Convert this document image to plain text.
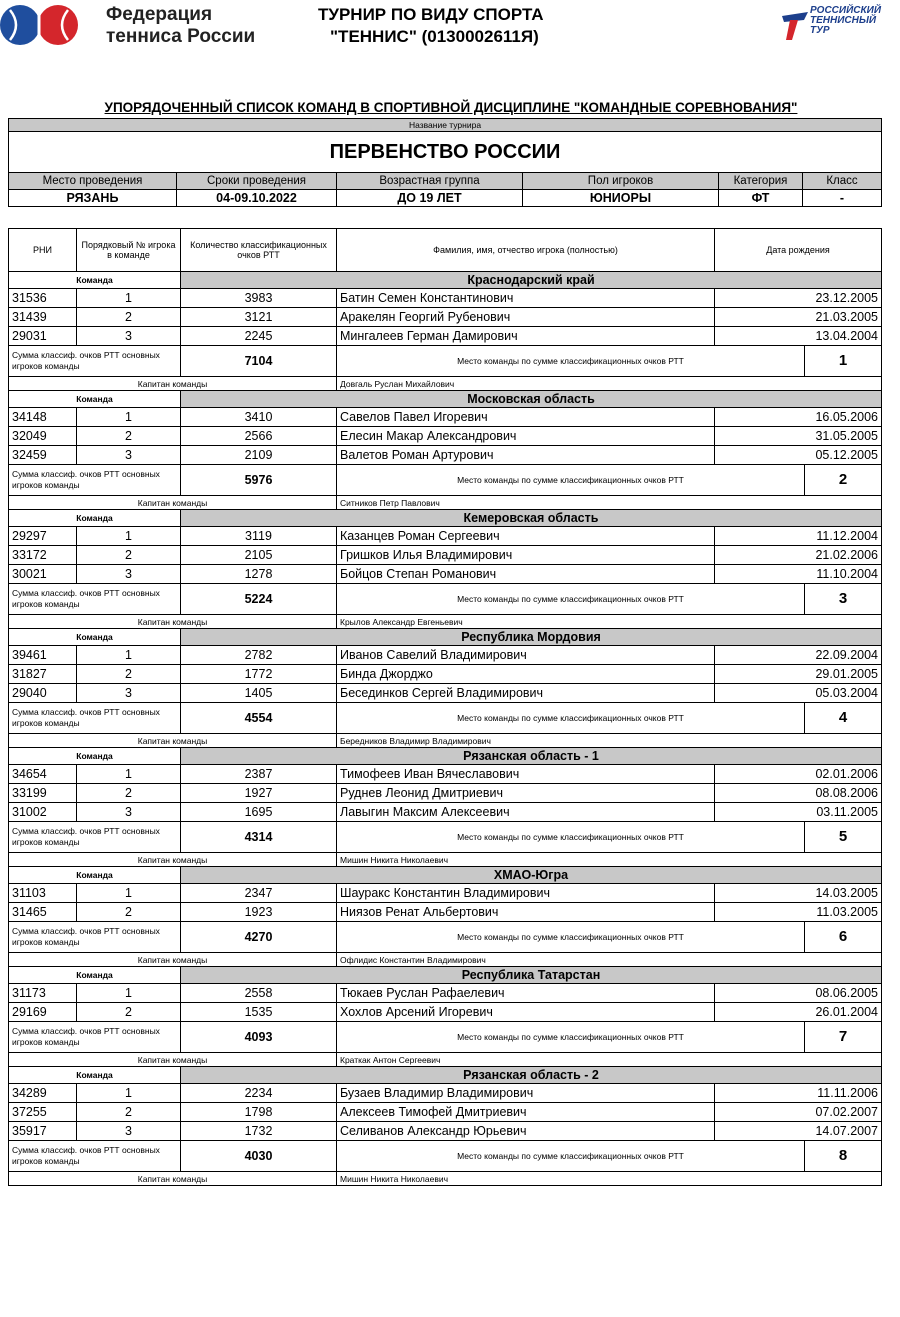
Федерация
тенниса России
ТУРНИР ПО ВИДУ СПОРТА
"ТЕННИС" (0130002611Я)
РОССИЙСКИЙ
ТЕННИСНЫЙ
ТУР
УПОРЯДОЧЕННЫЙ СПИСОК КОМАНД В СПОРТИВНОЙ ДИСЦИПЛИНЕ "КОМАНДНЫЕ СОРЕВНОВАНИЯ"
Название турнира					
ПЕРВЕНСТВО РОССИИ					
Место проведения	Сроки проведения	Возрастная группа	Пол игроков	Категория	Класс
РЯЗАНЬ	04-09.10.2022	ДО 19 ЛЕТ	ЮНИОРЫ	ФТ	-
РНИ	Порядковый № игрока в команде	Количество классификационных очков РТТ	Фамилия, имя, отчество игрока (полностью)	Дата рождения	
Команда		Краснодарский край			
31536	1	3983	Батин Семен Константинович	23.12.2005	
31439	2	3121	Аракелян Георгий Рубенович	21.03.2005	
29031	3	2245	Мингалеев Герман Дамирович	13.04.2004	
Сумма классиф. очков РТТ основных игроков команды		7104	Место команды по сумме классификационных очков РТТ		1
Капитан команды			Довгаль Руслан Михайлович		
Команда		Московская область			
34148	1	3410	Савелов Павел Игоревич	16.05.2006	
32049	2	2566	Елесин Макар Александрович	31.05.2005	
32459	3	2109	Валетов Роман Артурович	05.12.2005	
Сумма классиф. очков РТТ основных игроков команды		5976	Место команды по сумме классификационных очков РТТ		2
Капитан команды			Ситников Петр Павлович		
Команда		Кемеровская область			
29297	1	3119	Казанцев Роман Сергеевич	11.12.2004	
33172	2	2105	Гришков Илья Владимирович	21.02.2006	
30021	3	1278	Бойцов Степан Романович	11.10.2004	
Сумма классиф. очков РТТ основных игроков команды		5224	Место команды по сумме классификационных очков РТТ		3
Капитан команды			Крылов Александр Евгеньевич		
Команда		Республика Мордовия			
39461	1	2782	Иванов Савелий Владимирович	22.09.2004	
31827	2	1772	Бинда Джорджо	29.01.2005	
29040	3	1405	Бесединков Сергей Владимирович	05.03.2004	
Сумма классиф. очков РТТ основных игроков команды		4554	Место команды по сумме классификационных очков РТТ		4
Капитан команды			Бередников Владимир Владимирович		
Команда		Рязанская область - 1			
34654	1	2387	Тимофеев Иван Вячеславович	02.01.2006	
33199	2	1927	Руднев Леонид Дмитриевич	08.08.2006	
31002	3	1695	Лавыгин Максим Алексеевич	03.11.2005	
Сумма классиф. очков РТТ основных игроков команды		4314	Место команды по сумме классификационных очков РТТ		5
Капитан команды			Мишин Никита Николаевич		
Команда		ХМАО-Югра			
31103	1	2347	Шауракс Константин Владимирович	14.03.2005	
31465	2	1923	Ниязов Ренат Альбертович	11.03.2005	
Сумма классиф. очков РТТ основных игроков команды		4270	Место команды по сумме классификационных очков РТТ		6
Капитан команды			Офлидис Константин Владимирович		
Команда		Республика Татарстан			
31173	1	2558	Тюкаев Руслан Рафаелевич	08.06.2005	
29169	2	1535	Хохлов Арсений Игоревич	26.01.2004	
Сумма классиф. очков РТТ основных игроков команды		4093	Место команды по сумме классификационных очков РТТ		7
Капитан команды			Краткак Антон Сергеевич		
Команда		Рязанская область - 2			
34289	1	2234	Бузаев Владимир Владимирович	11.11.2006	
37255	2	1798	Алексеев Тимофей Дмитриевич	07.02.2007	
35917	3	1732	Селиванов Александр Юрьевич	14.07.2007	
Сумма классиф. очков РТТ основных игроков команды		4030	Место команды по сумме классификационных очков РТТ		8
Капитан команды			Мишин Никита Николаевич		
